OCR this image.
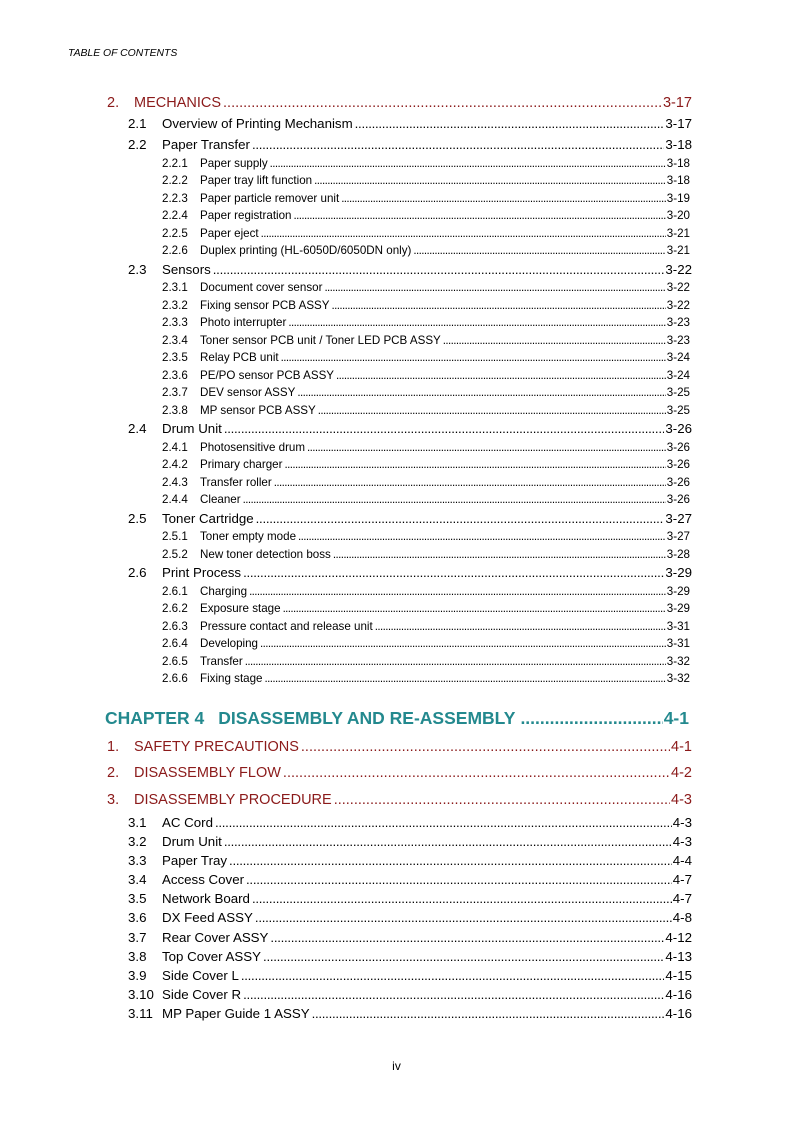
TABLE OF CONTENTS
2.	MECHANICS .....	3-17
2.1	Overview of Printing Mechanism .....	3-17
2.2	Paper Transfer .....	3-18
2.2.1	Paper supply .....	3-18
2.2.2	Paper tray lift function .....	3-18
2.2.3	Paper particle remover unit .....	3-19
2.2.4	Paper registration .....	3-20
2.2.5	Paper eject .....	3-21
2.2.6	Duplex printing (HL-6050D/6050DN only) .....	3-21
2.3	Sensors .....	3-22
2.3.1	Document cover sensor .....	3-22
2.3.2	Fixing sensor PCB ASSY .....	3-22
2.3.3	Photo interrupter .....	3-23
2.3.4	Toner sensor PCB unit / Toner LED PCB ASSY .....	3-23
2.3.5	Relay PCB unit .....	3-24
2.3.6	PE/PO sensor PCB ASSY .....	3-24
2.3.7	DEV sensor ASSY .....	3-25
2.3.8	MP sensor PCB ASSY .....	3-25
2.4	Drum Unit .....	3-26
2.4.1	Photosensitive drum .....	3-26
2.4.2	Primary charger .....	3-26
2.4.3	Transfer roller .....	3-26
2.4.4	Cleaner .....	3-26
2.5	Toner Cartridge .....	3-27
2.5.1	Toner empty mode .....	3-27
2.5.2	New toner detection boss .....	3-28
2.6	Print Process .....	3-29
2.6.1	Charging .....	3-29
2.6.2	Exposure stage .....	3-29
2.6.3	Pressure contact and release unit .....	3-31
2.6.4	Developing .....	3-31
2.6.5	Transfer .....	3-32
2.6.6	Fixing stage .....	3-32
CHAPTER 4 DISASSEMBLY AND RE-ASSEMBLY .....	4-1
1.	SAFETY PRECAUTIONS .....	4-1
2.	DISASSEMBLY FLOW .....	4-2
3.	DISASSEMBLY PROCEDURE .....	4-3
3.1	AC Cord .....	4-3
3.2	Drum Unit .....	4-3
3.3	Paper Tray .....	4-4
3.4	Access Cover .....	4-7
3.5	Network Board .....	4-7
3.6	DX Feed ASSY .....	4-8
3.7	Rear Cover ASSY .....	4-12
3.8	Top Cover ASSY .....	4-13
3.9	Side Cover L .....	4-15
3.10 Side Cover R .....	4-16
3.11 MP Paper Guide 1 ASSY .....	4-16
iv
